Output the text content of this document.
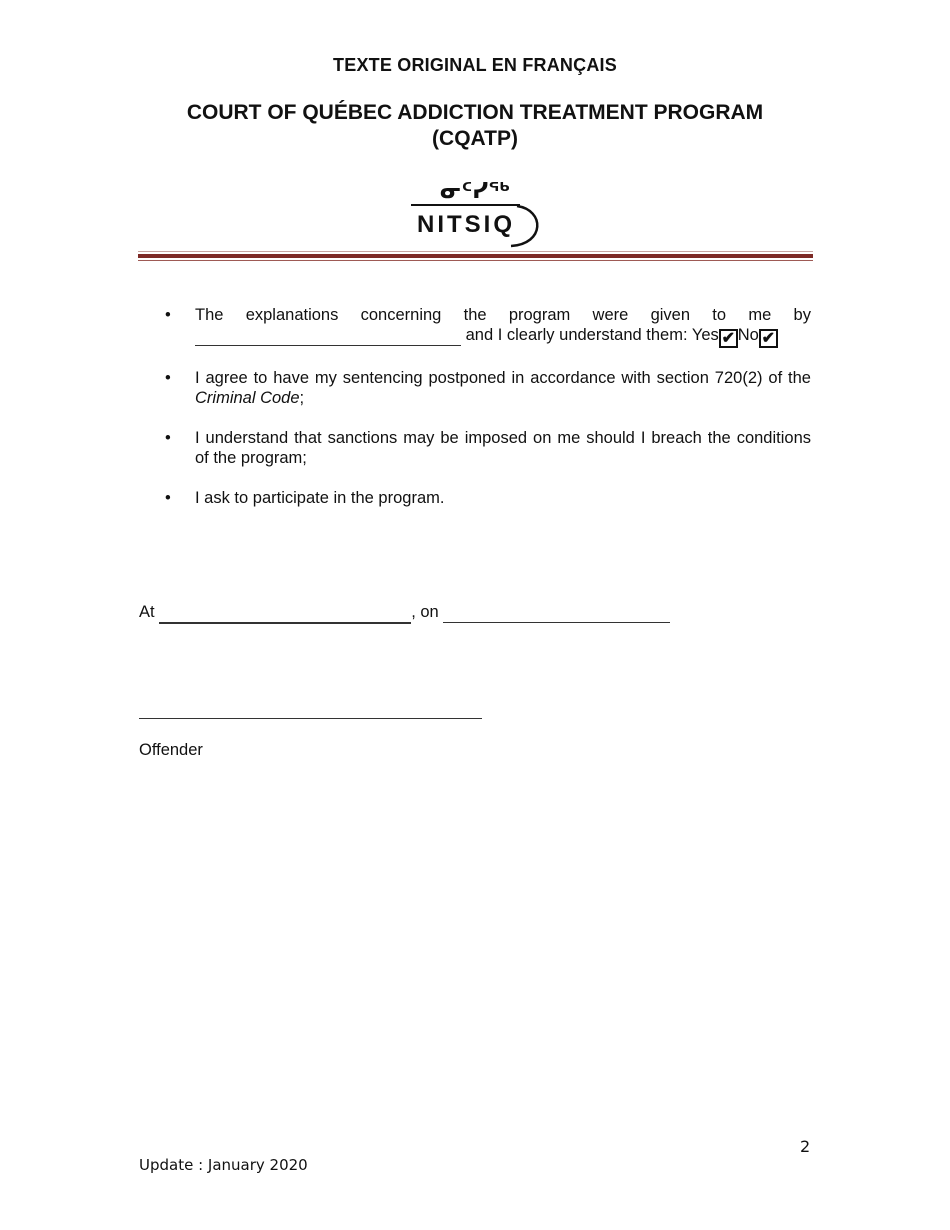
TEXTE ORIGINAL EN FRANÇAIS
COURT OF QUÉBEC ADDICTION TREATMENT PROGRAM
(CQATP)
ᓂᑦᓯᖅ
NITSIQ
• The explanations concerning the program were given to me by
and I clearly understand them: Yes ✔ No ✔
• I agree to have my sentencing postponed in accordance with section 720(2) of the Criminal Code;
• I understand that sanctions may be imposed on me should I breach the conditions of the program;
• I ask to participate in the program.
At	, on
Offender
2
Update : January 2020
